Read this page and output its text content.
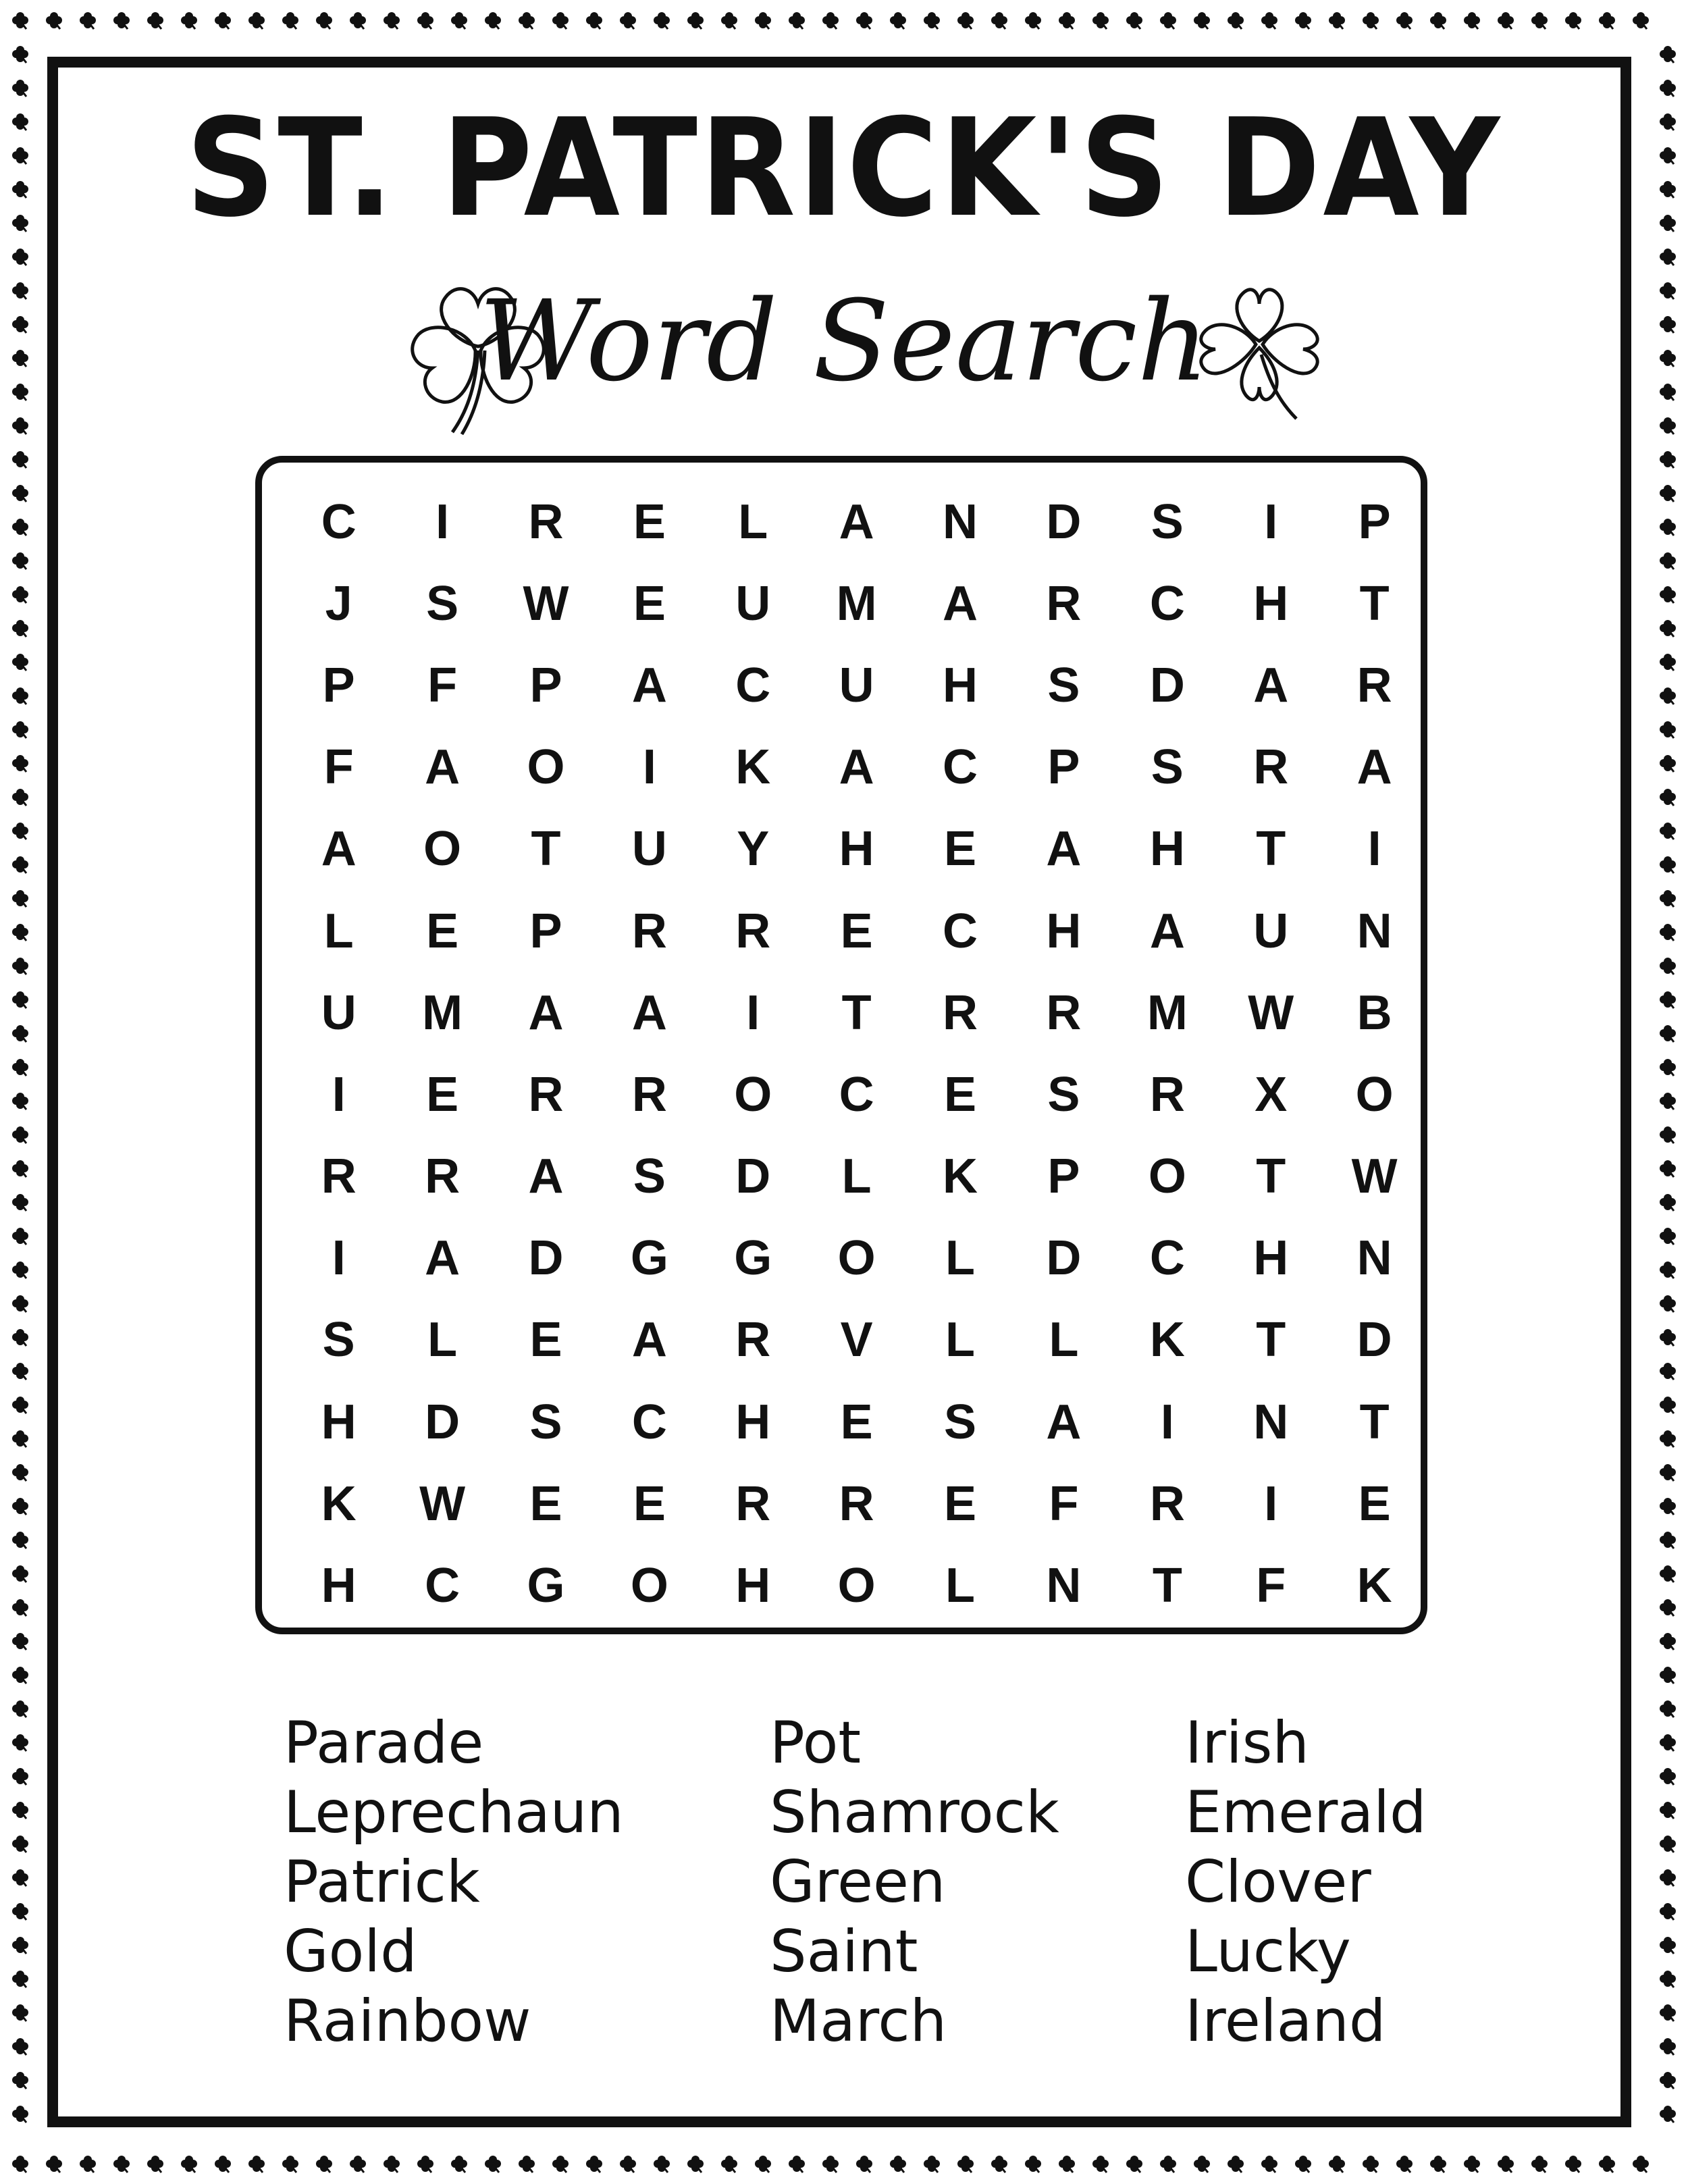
ST. PATRICK'S DAY
Word Search
C	I	R	E	L	A	N	D	S	I	P
J	S	W	E	U	M	A	R	C	H	T
P	F	P	A	C	U	H	S	D	A	R
F	A	O	I	K	A	C	P	S	R	A
A	O	T	U	Y	H	E	A	H	T	I
L	E	P	R	R	E	C	H	A	U	N
U	M	A	A	I	T	R	R	M	W	B
I	E	R	R	O	C	E	S	R	X	O
R	R	A	S	D	L	K	P	O	T	W
I	A	D	G	G	O	L	D	C	H	N
S	L	E	A	R	V	L	L	K	T	D
H	D	S	C	H	E	S	A	I	N	T
K	W	E	E	R	R	E	F	R	I	E
H	C	G	O	H	O	L	N	T	F	K
Parade
Leprechaun
Patrick
Gold
Rainbow
Pot
Shamrock
Green
Saint
March
Irish
Emerald
Clover
Lucky
Ireland
